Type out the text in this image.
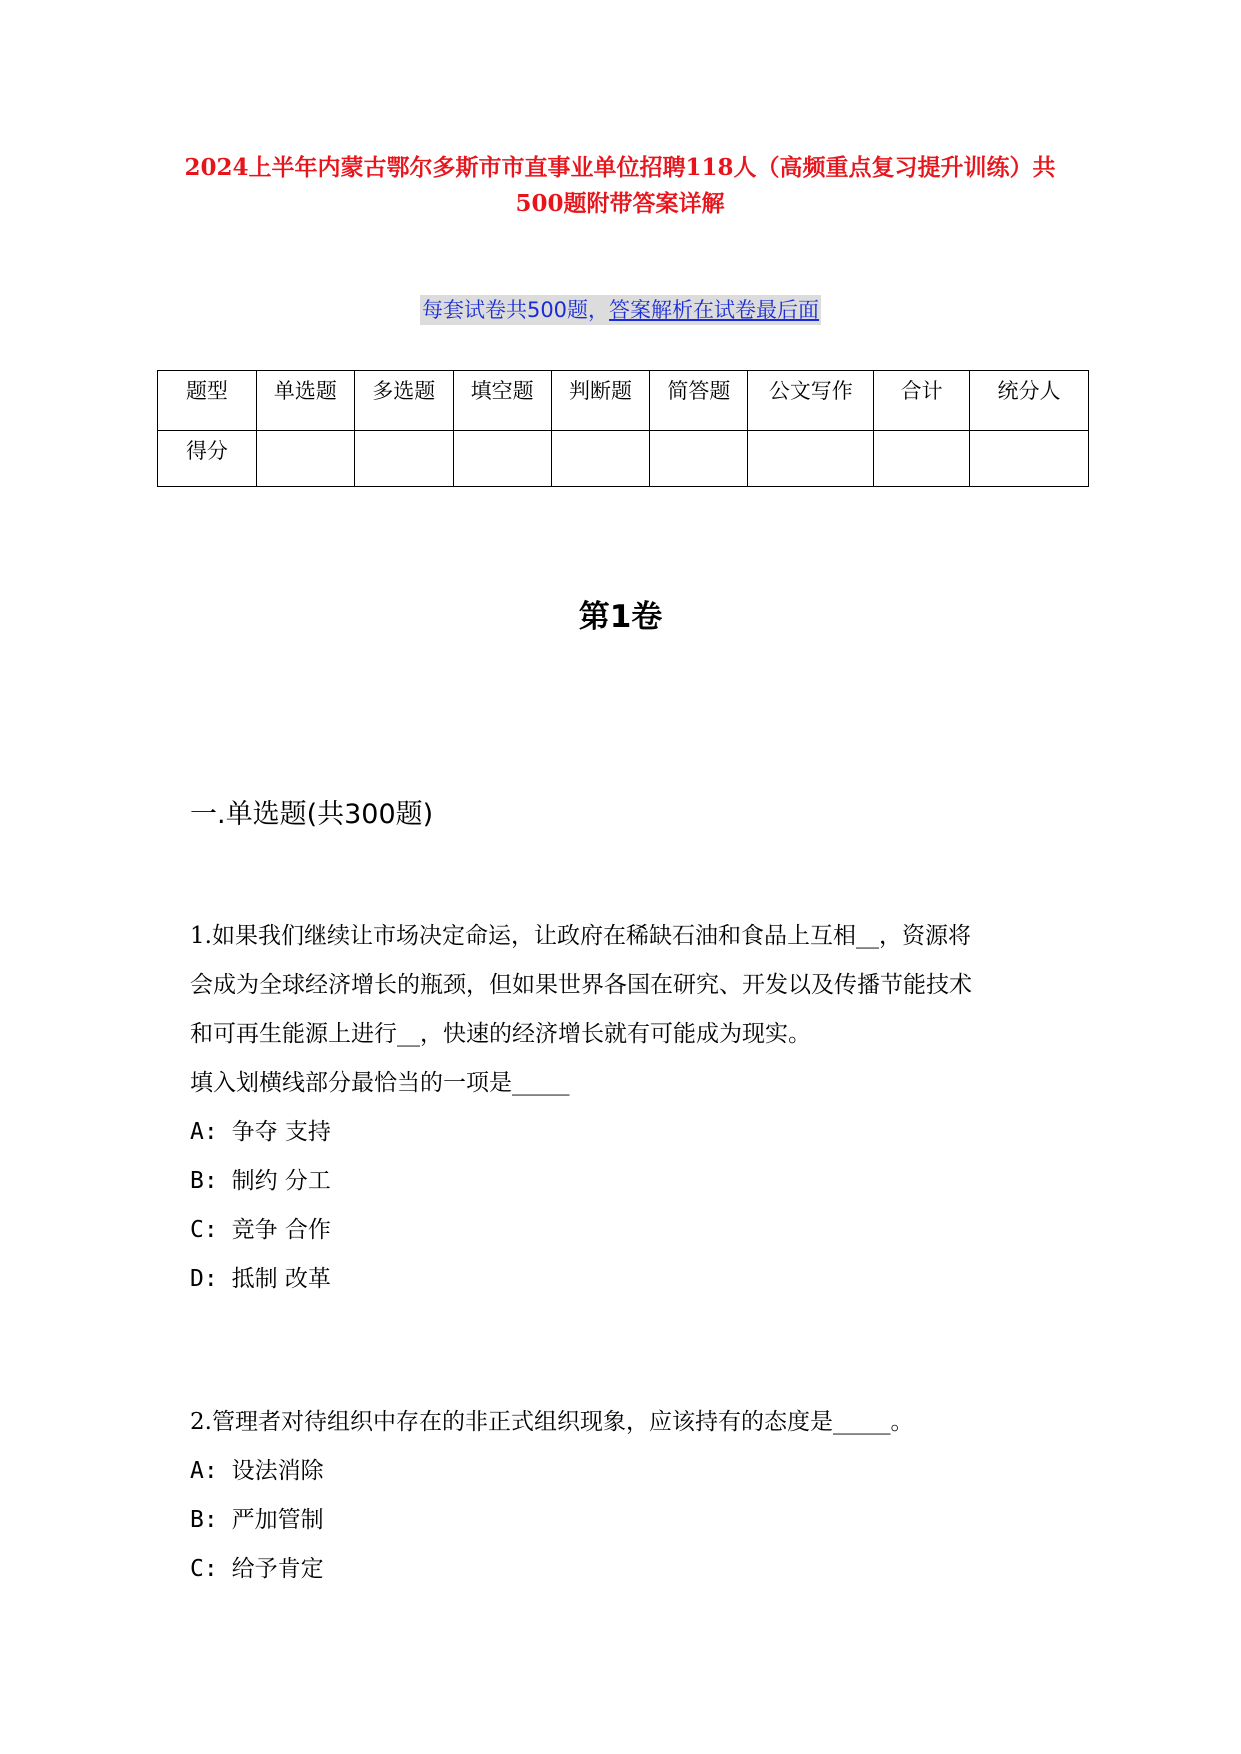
2024上半年内蒙古鄂尔多斯市市直事业单位招聘118人（高频重点复习提升训练）共500题附带答案详解
每套试卷共500题，答案解析在试卷最后面
题型	单选题	多选题	填空题	判断题	简答题	公文写作	合计	统分人
得分								
第1卷
一.单选题(共300题)
1.如果我们继续让市场决定命运，让政府在稀缺石油和食品上互相__，资源将
会成为全球经济增长的瓶颈，但如果世界各国在研究、开发以及传播节能技术
和可再生能源上进行__，快速的经济增长就有可能成为现实。
填入划横线部分最恰当的一项是_____
A: 争夺 支持
B: 制约 分工
C: 竞争 合作
D: 抵制 改革
2.管理者对待组织中存在的非正式组织现象，应该持有的态度是_____。
A: 设法消除
B: 严加管制
C: 给予肯定
